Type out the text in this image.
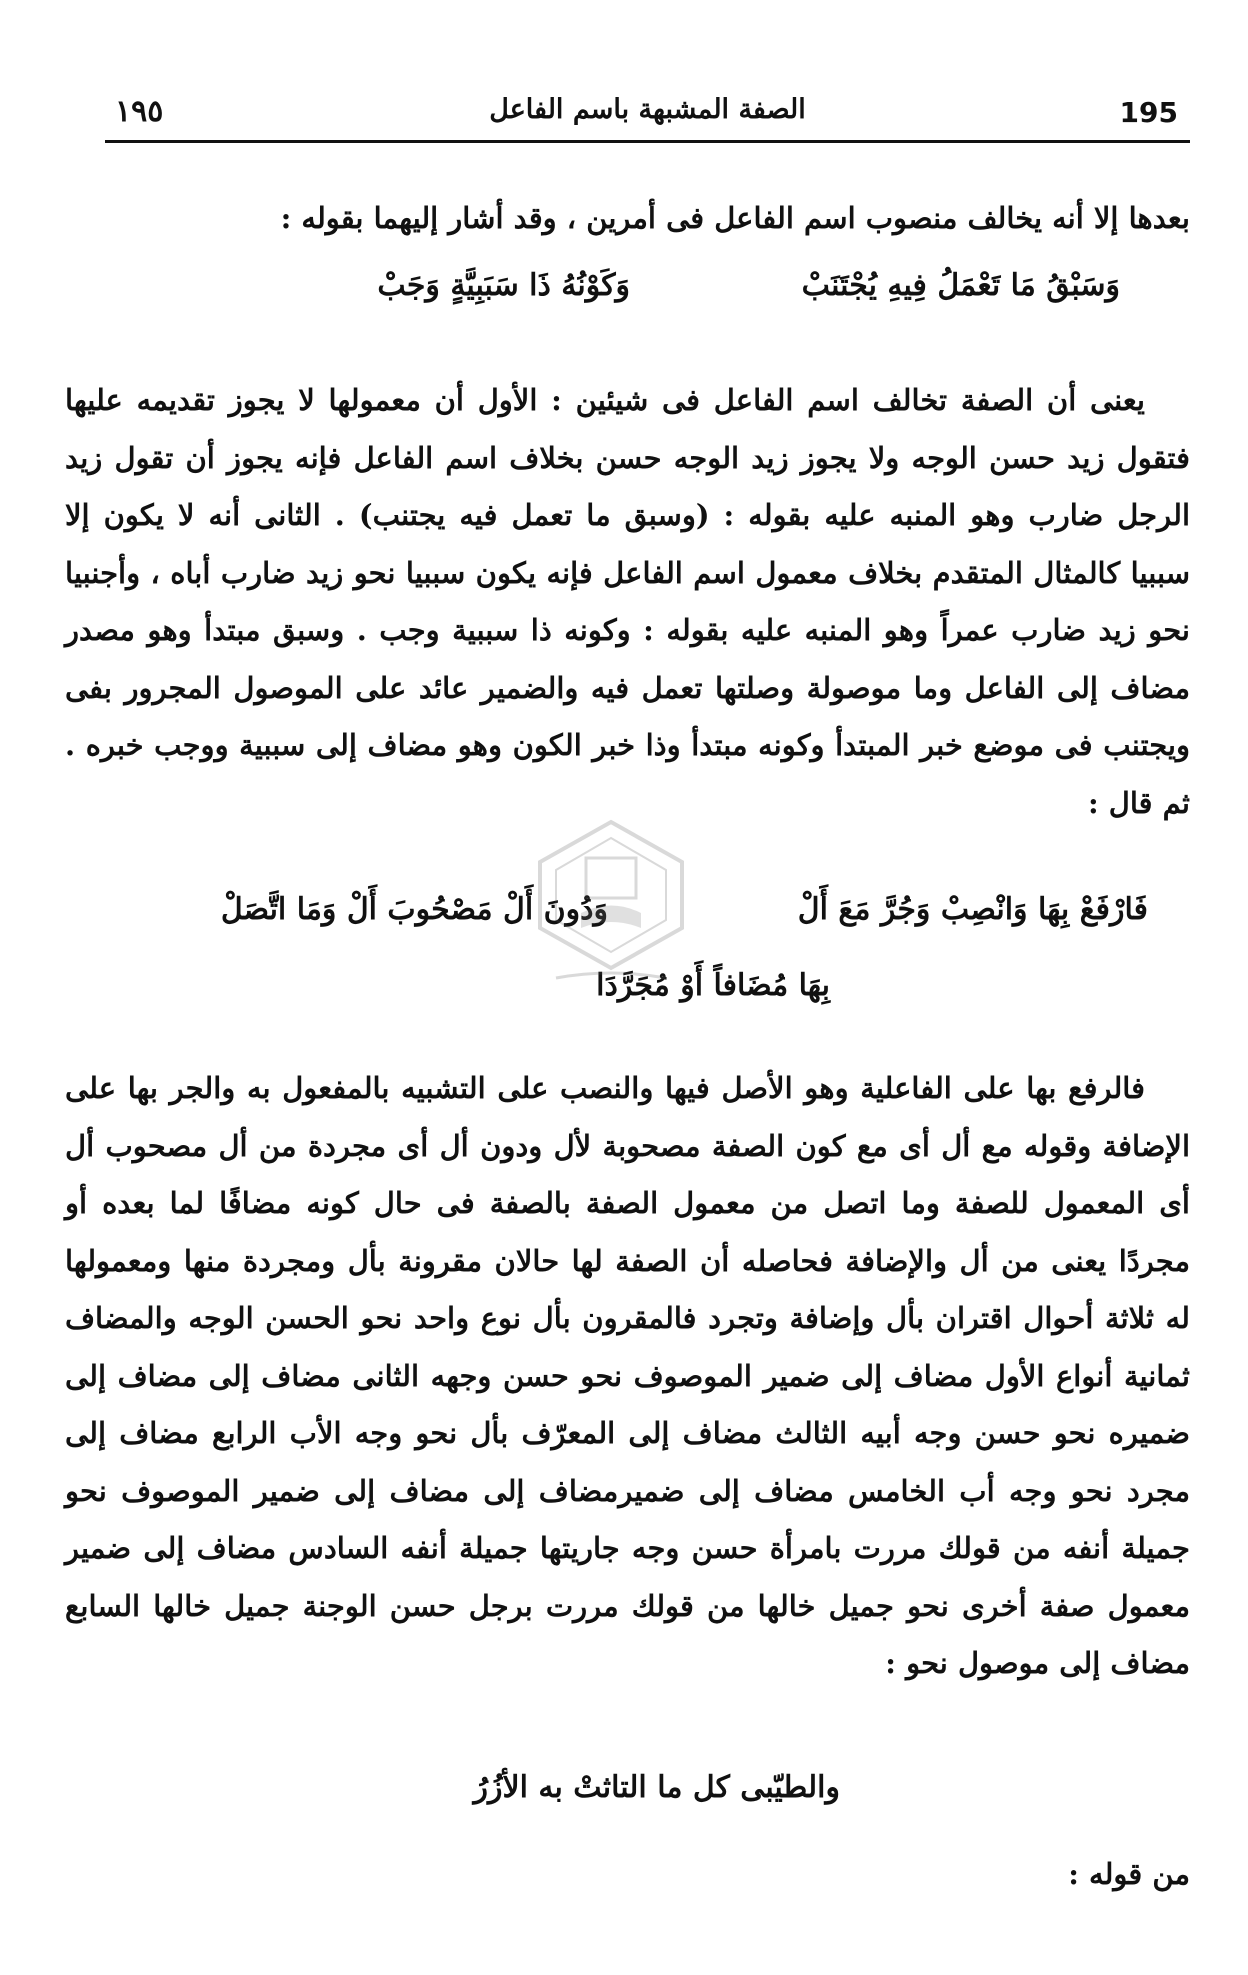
١٩٥	الصفة المشبهة باسم الفاعل	195

بعدها إلا أنه يخالف منصوب اسم الفاعل فى أمرين ، وقد أشار إليهما بقوله :

وَسَبْقُ مَا تَعْمَلُ فِيهِ يُجْتَنَبْ
وَكَوْنُهُ ذَا سَبَبِيَّةٍ وَجَبْ

يعنى أن الصفة تخالف اسم الفاعل فى شيئين : الأول أن معمولها لا يجوز تقديمه عليها فتقول زيد حسن الوجه ولا يجوز زيد الوجه حسن بخلاف اسم الفاعل فإنه يجوز أن تقول زيد الرجل ضارب وهو المنبه عليه بقوله : (وسبق ما تعمل فيه يجتنب) . الثانى أنه لا يكون إلا سببيا كالمثال المتقدم بخلاف معمول اسم الفاعل فإنه يكون سببيا نحو زيد ضارب أباه ، وأجنبيا نحو زيد ضارب عمراً وهو المنبه عليه بقوله : وكونه ذا سببية وجب . وسبق مبتدأ وهو مصدر مضاف إلى الفاعل وما موصولة وصلتها تعمل فيه والضمير عائد على الموصول المجرور بفى ويجتنب فى موضع خبر المبتدأ وكونه مبتدأ وذا خبر الكون وهو مضاف إلى سببية ووجب خبره . ثم قال :

فَارْفَعْ بِهَا وَانْصِبْ وَجُرَّ مَعَ أَلْ
وَدُونَ أَلْ مَصْحُوبَ أَلْ وَمَا اتَّصَلْ
بِهَا مُضَافاً أَوْ مُجَرَّدَا

فالرفع بها على الفاعلية وهو الأصل فيها والنصب على التشبيه بالمفعول به والجر بها على الإضافة وقوله مع أل أى مع كون الصفة مصحوبة لأل ودون أل أى مجردة من أل مصحوب أل أى المعمول للصفة وما اتصل من معمول الصفة بالصفة فى حال كونه مضافًا لما بعده أو مجردًا يعنى من أل والإضافة فحاصله أن الصفة لها حالان مقرونة بأل ومجردة منها ومعمولها له ثلاثة أحوال اقتران بأل وإضافة وتجرد فالمقرون بأل نوع واحد نحو الحسن الوجه والمضاف ثمانية أنواع الأول مضاف إلى ضمير الموصوف نحو حسن وجهه الثانى مضاف إلى مضاف إلى ضميره نحو حسن وجه أبيه الثالث مضاف إلى المعرّف بأل نحو وجه الأب الرابع مضاف إلى مجرد نحو وجه أب الخامس مضاف إلى ضميرمضاف إلى مضاف إلى ضمير الموصوف نحو جميلة أنفه من قولك مررت بامرأة حسن وجه جاريتها جميلة أنفه السادس مضاف إلى ضمير معمول صفة أخرى نحو جميل خالها من قولك مررت برجل حسن الوجنة جميل خالها السابع مضاف إلى موصول نحو :

والطيّبى كل ما التاثتْ به الأزُرُ

من قوله :
